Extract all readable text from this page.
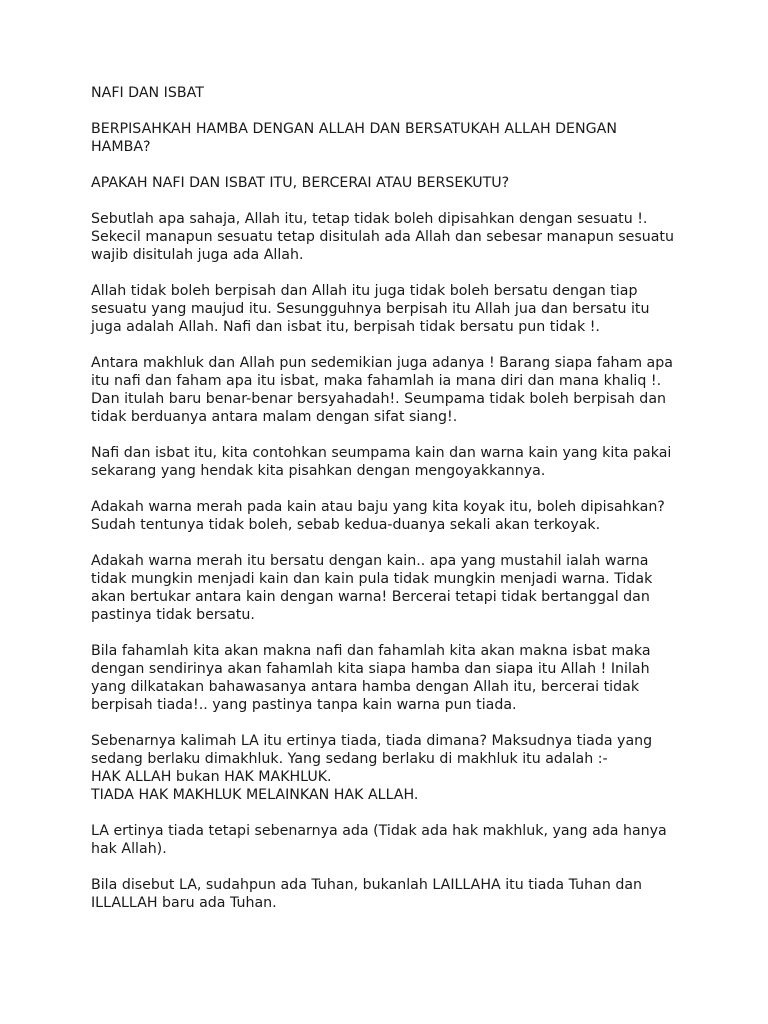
NAFI DAN ISBAT

BERPISAHKAH HAMBA DENGAN ALLAH DAN BERSATUKAH ALLAH DENGAN
HAMBA?

APAKAH NAFI DAN ISBAT ITU, BERCERAI ATAU BERSEKUTU?

Sebutlah apa sahaja, Allah itu, tetap tidak boleh dipisahkan dengan sesuatu !.
Sekecil manapun sesuatu tetap disitulah ada Allah dan sebesar manapun sesuatu
wajib disitulah juga ada Allah.

Allah tidak boleh berpisah dan Allah itu juga tidak boleh bersatu dengan tiap
sesuatu yang maujud itu. Sesungguhnya berpisah itu Allah jua dan bersatu itu
juga adalah Allah. Nafi dan isbat itu, berpisah tidak bersatu pun tidak !.

Antara makhluk dan Allah pun sedemikian juga adanya ! Barang siapa faham apa
itu nafi dan faham apa itu isbat, maka fahamlah ia mana diri dan mana khaliq !.
Dan itulah baru benar-benar bersyahadah!. Seumpama tidak boleh berpisah dan
tidak berduanya antara malam dengan sifat siang!.

Nafi dan isbat itu, kita contohkan seumpama kain dan warna kain yang kita pakai
sekarang yang hendak kita pisahkan dengan mengoyakkannya.

Adakah warna merah pada kain atau baju yang kita koyak itu, boleh dipisahkan?
Sudah tentunya tidak boleh, sebab kedua-duanya sekali akan terkoyak.

Adakah warna merah itu bersatu dengan kain.. apa yang mustahil ialah warna
tidak mungkin menjadi kain dan kain pula tidak mungkin menjadi warna. Tidak
akan bertukar antara kain dengan warna! Bercerai tetapi tidak bertanggal dan
pastinya tidak bersatu.

Bila fahamlah kita akan makna nafi dan fahamlah kita akan makna isbat maka
dengan sendirinya akan fahamlah kita siapa hamba dan siapa itu Allah ! Inilah
yang dilkatakan bahawasanya antara hamba dengan Allah itu, bercerai tidak
berpisah tiada!.. yang pastinya tanpa kain warna pun tiada.

Sebenarnya kalimah LA itu ertinya tiada, tiada dimana? Maksudnya tiada yang
sedang berlaku dimakhluk. Yang sedang berlaku di makhluk itu adalah :-
HAK ALLAH bukan HAK MAKHLUK.
TIADA HAK MAKHLUK MELAINKAN HAK ALLAH.

LA ertinya tiada tetapi sebenarnya ada (Tidak ada hak makhluk, yang ada hanya
hak Allah).

Bila disebut LA, sudahpun ada Tuhan, bukanlah LAILLAHA itu tiada Tuhan dan
ILLALLAH baru ada Tuhan.
